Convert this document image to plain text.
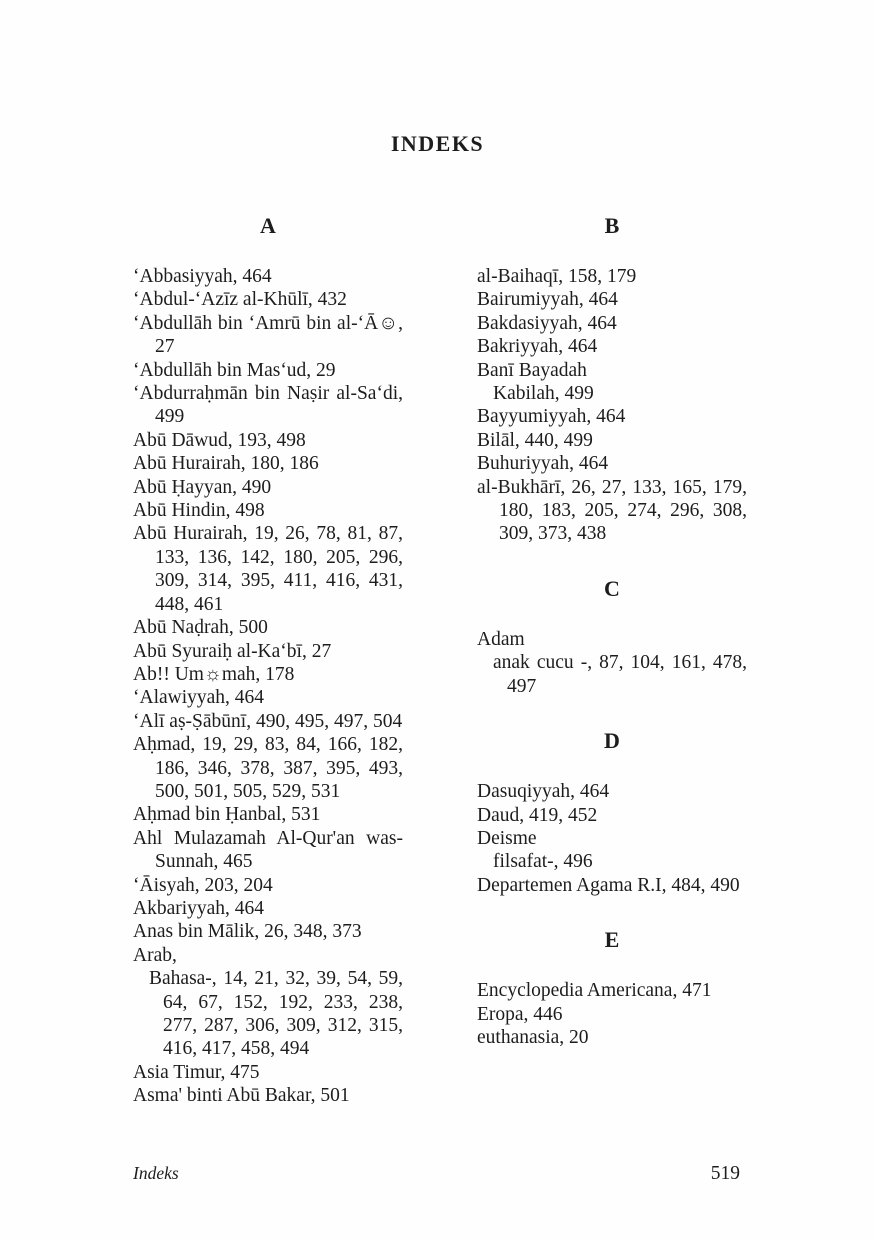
INDEKS
A

‘Abbasiyyah, 464

‘Abdul-‘Azīz al-Khūlī, 432

‘Abdullāh bin ‘Amrū bin al-‘Ā☺, 27

‘Abdullāh bin Mas‘ud, 29

‘Abdurraḥmān bin Naṣir al-Sa‘di, 499

Abū Dāwud, 193, 498

Abū Hurairah, 180, 186

Abū Ḥayyan, 490

Abū Hindin, 498

Abū Hurairah, 19, 26, 78, 81, 87, 133, 136, 142, 180, 205, 296, 309, 314, 395, 411, 416, 431, 448, 461

Abū Naḍrah, 500

Abū Syuraiḥ al-Ka‘bī, 27

Ab!! Um☼mah, 178

‘Alawiyyah, 464

‘Alī aṣ-Ṣābūnī, 490, 495, 497, 504

Aḥmad, 19, 29, 83, 84, 166, 182, 186, 346, 378, 387, 395, 493, 500, 501, 505, 529, 531

Aḥmad bin Ḥanbal, 531

Ahl Mulazamah Al-Qur'an was-Sunnah, 465

‘Āisyah, 203, 204

Akbariyyah, 464

Anas bin Mālik, 26, 348, 373

Arab,

Bahasa-, 14, 21, 32, 39, 54, 59, 64, 67, 152, 192, 233, 238, 277, 287, 306, 309, 312, 315, 416, 417, 458, 494

Asia Timur, 475

Asma' binti Abū Bakar, 501

B

al-Baihaqī, 158, 179

Bairumiyyah, 464

Bakdasiyyah, 464

Bakriyyah, 464

Banī Bayadah

Kabilah, 499

Bayyumiyyah, 464

Bilāl, 440, 499

Buhuriyyah, 464

al-Bukhārī, 26, 27, 133, 165, 179, 180, 183, 205, 274, 296, 308, 309, 373, 438

C

Adam

anak cucu -, 87, 104, 161, 478, 497

D

Dasuqiyyah, 464

Daud, 419, 452

Deisme

filsafat-, 496

Departemen Agama R.I, 484, 490

E

Encyclopedia Americana, 471

Eropa, 446

euthanasia, 20

Indeks	519
